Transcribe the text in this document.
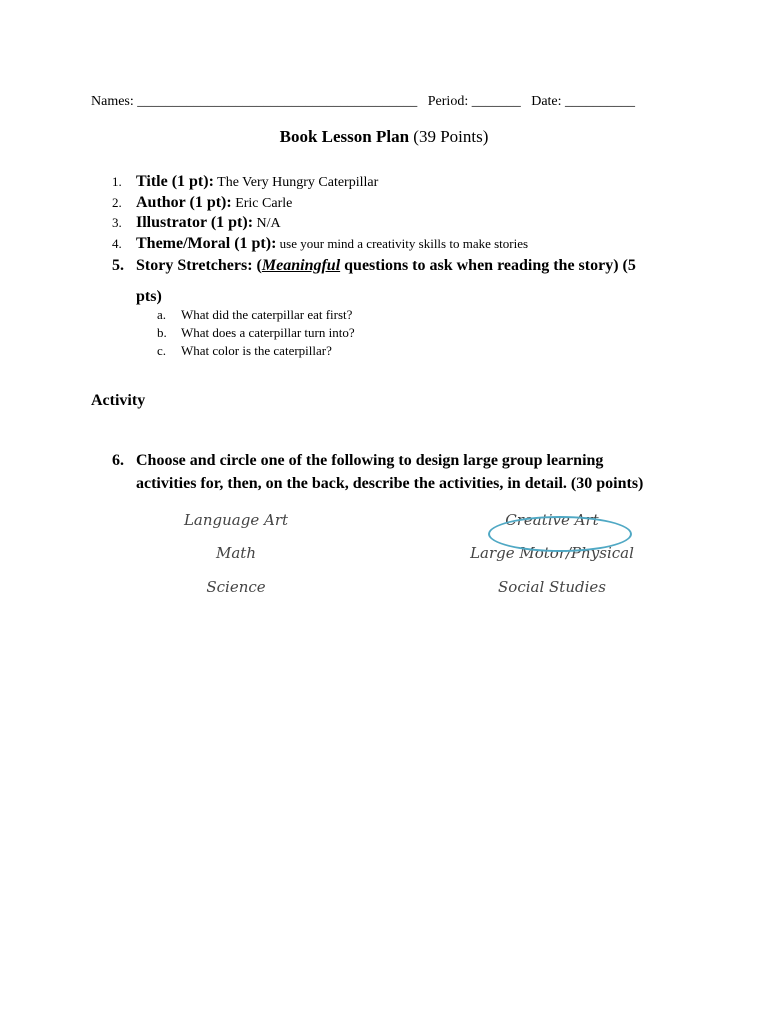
Names: ________________________________________ Period: _______ Date: __________
Book Lesson Plan (39 Points)
1. Title (1 pt): The Very Hungry Caterpillar
2. Author (1 pt): Eric Carle
3. Illustrator (1 pt): N/A
4. Theme/Moral (1 pt): use your mind a creativity skills to make stories
5. Story Stretchers: (Meaningful questions to ask when reading the story) (5
pts)
a. What did the caterpillar eat first?
b. What does a caterpillar turn into?
c. What color is the caterpillar?
Activity
6. Choose and circle one of the following to design large group learning
activities for, then, on the back, describe the activities, in detail. (30 points)
Language Art
Math
Science
Creative Art
Large Motor/Physical
Social Studies
